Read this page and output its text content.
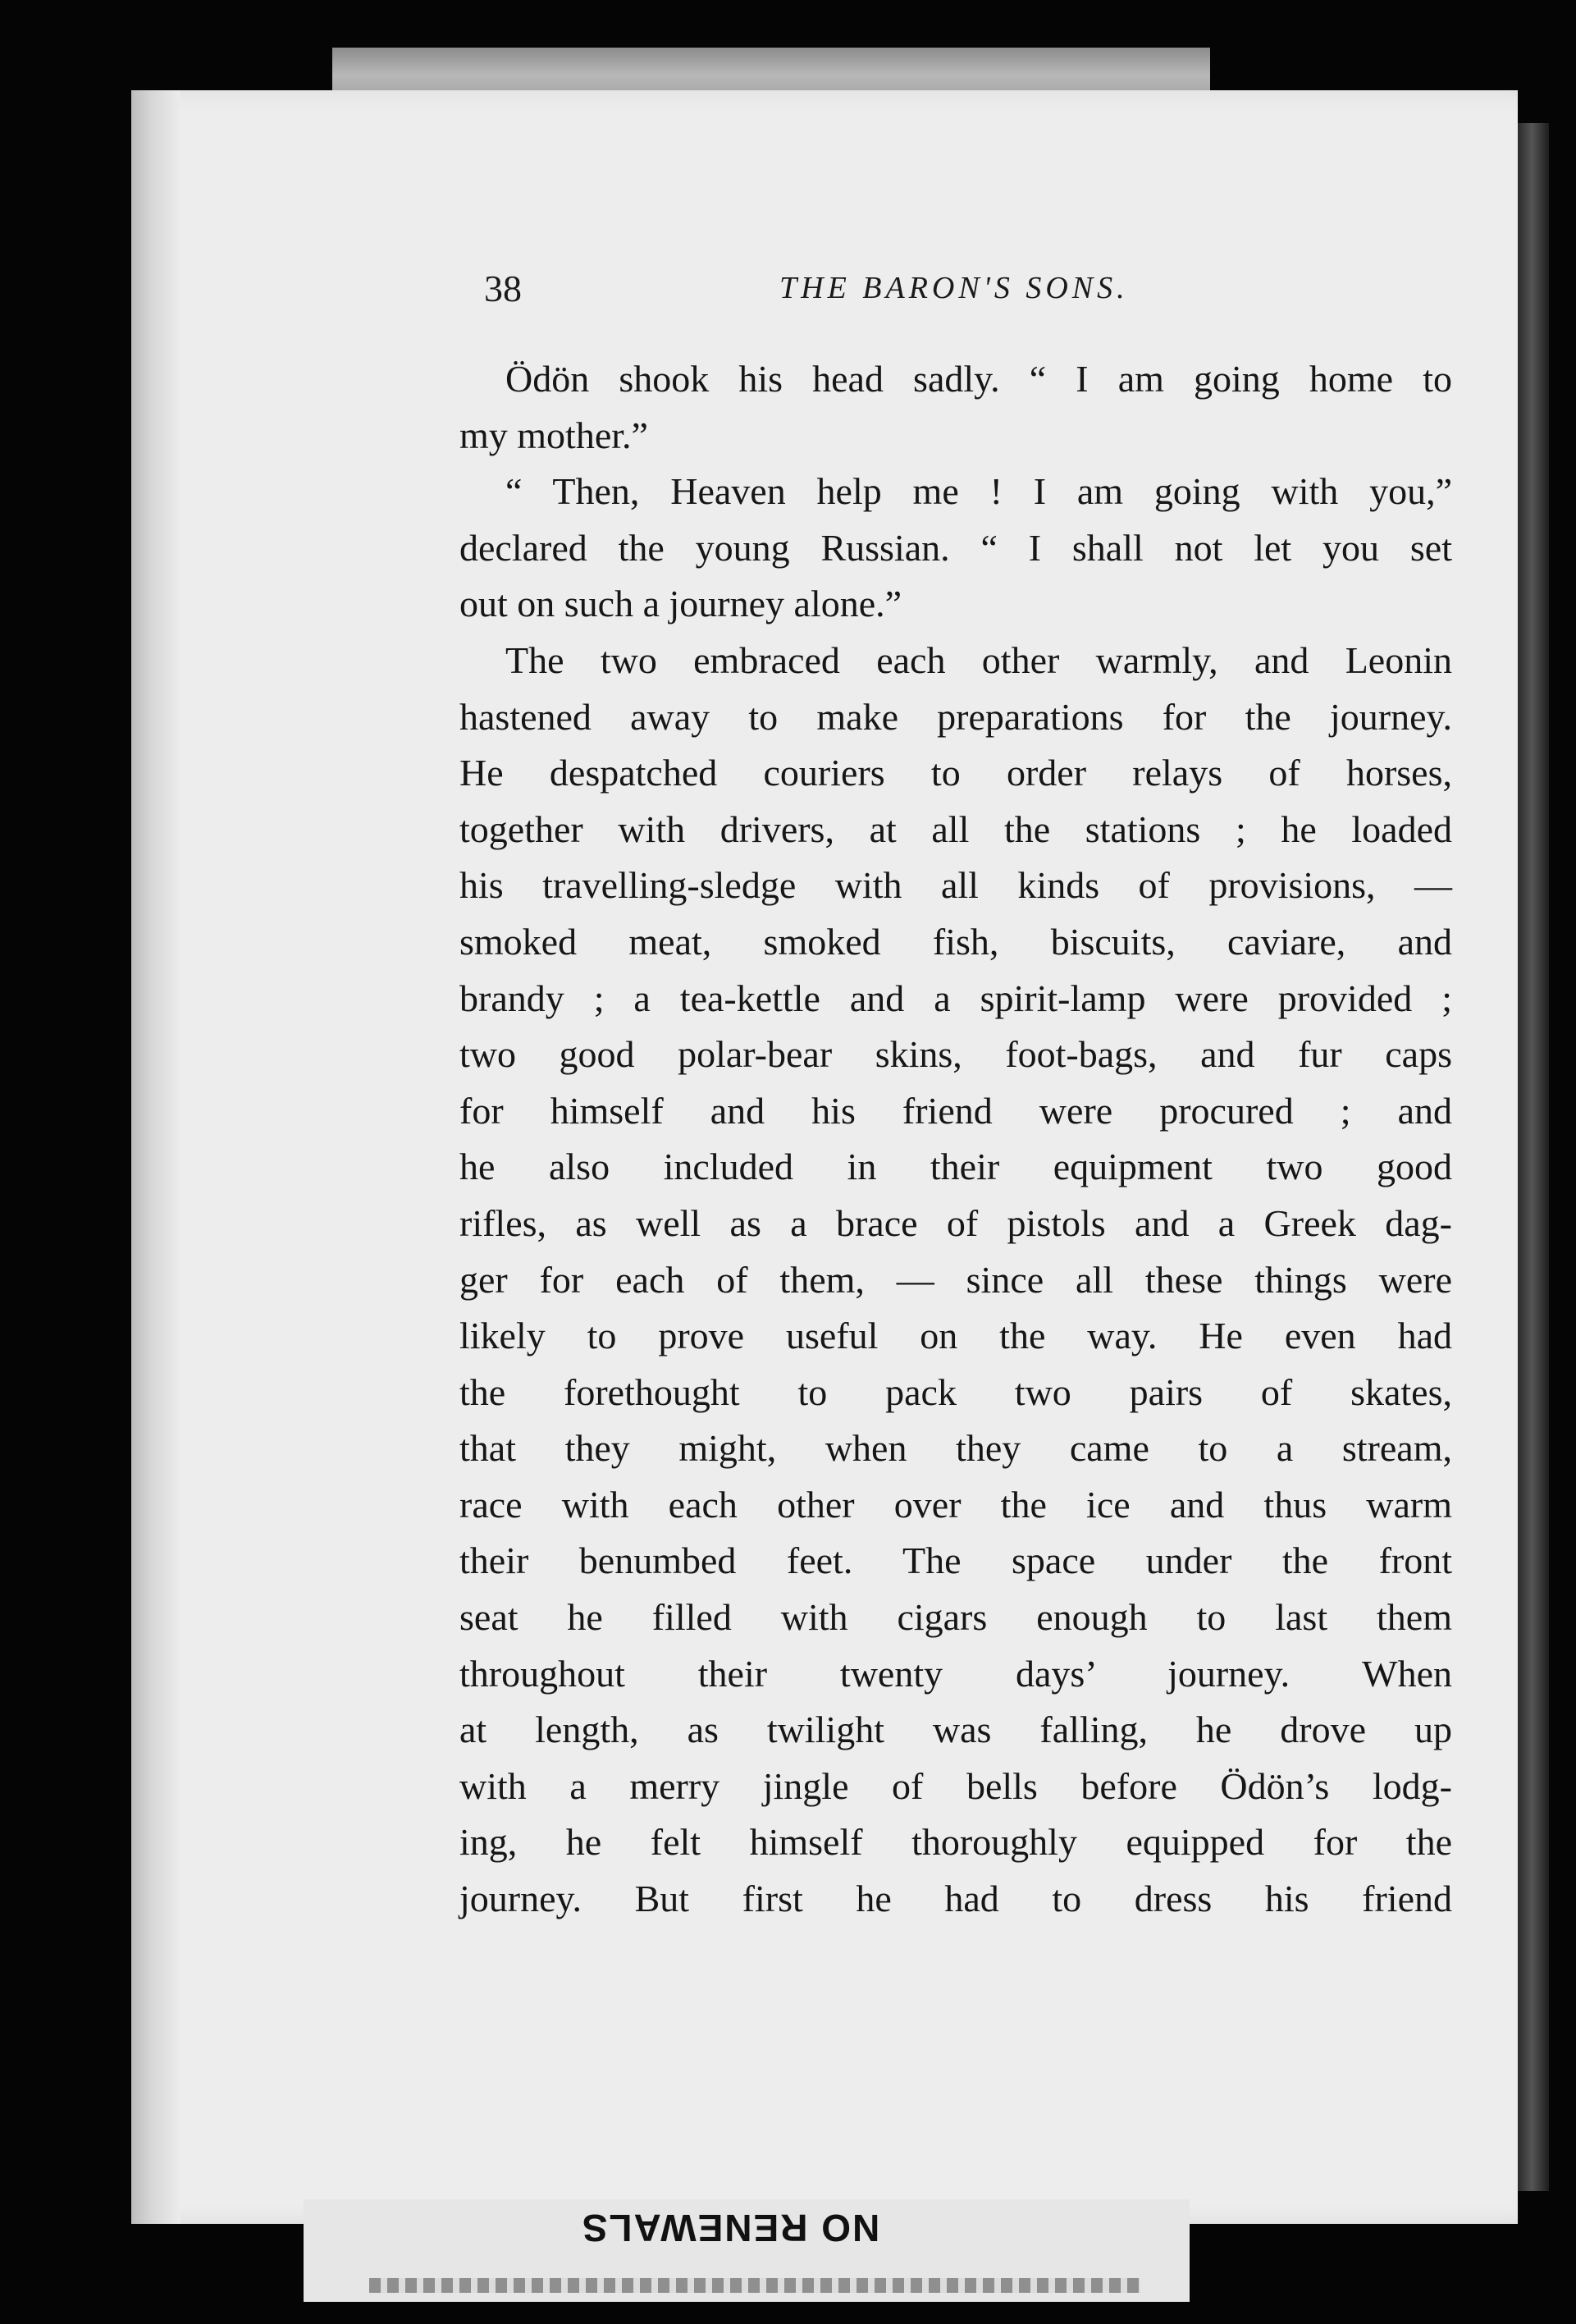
NO RENEWALS
38	THE BARON'S SONS.
Ödön shook his head sadly. “ I am going home to
my mother.”
“ Then, Heaven help me ! I am going with you,”
declared the young Russian. “ I shall not let you set
out on such a journey alone.”
The two embraced each other warmly, and Leonin
hastened away to make preparations for the journey.
He despatched couriers to order relays of horses,
together with drivers, at all the stations ; he loaded
his travelling-sledge with all kinds of provisions, —
smoked meat, smoked fish, biscuits, caviare, and
brandy ; a tea-kettle and a spirit-lamp were provided ;
two good polar-bear skins, foot-bags, and fur caps
for himself and his friend were procured ; and
he also included in their equipment two good
rifles, as well as a brace of pistols and a Greek dag-
ger for each of them, — since all these things were
likely to prove useful on the way. He even had
the forethought to pack two pairs of skates,
that they might, when they came to a stream,
race with each other over the ice and thus warm
their benumbed feet. The space under the front
seat he filled with cigars enough to last them
throughout their twenty days’ journey. When
at length, as twilight was falling, he drove up
with a merry jingle of bells before Ödön’s lodg-
ing, he felt himself thoroughly equipped for the
journey. But first he had to dress his friend
